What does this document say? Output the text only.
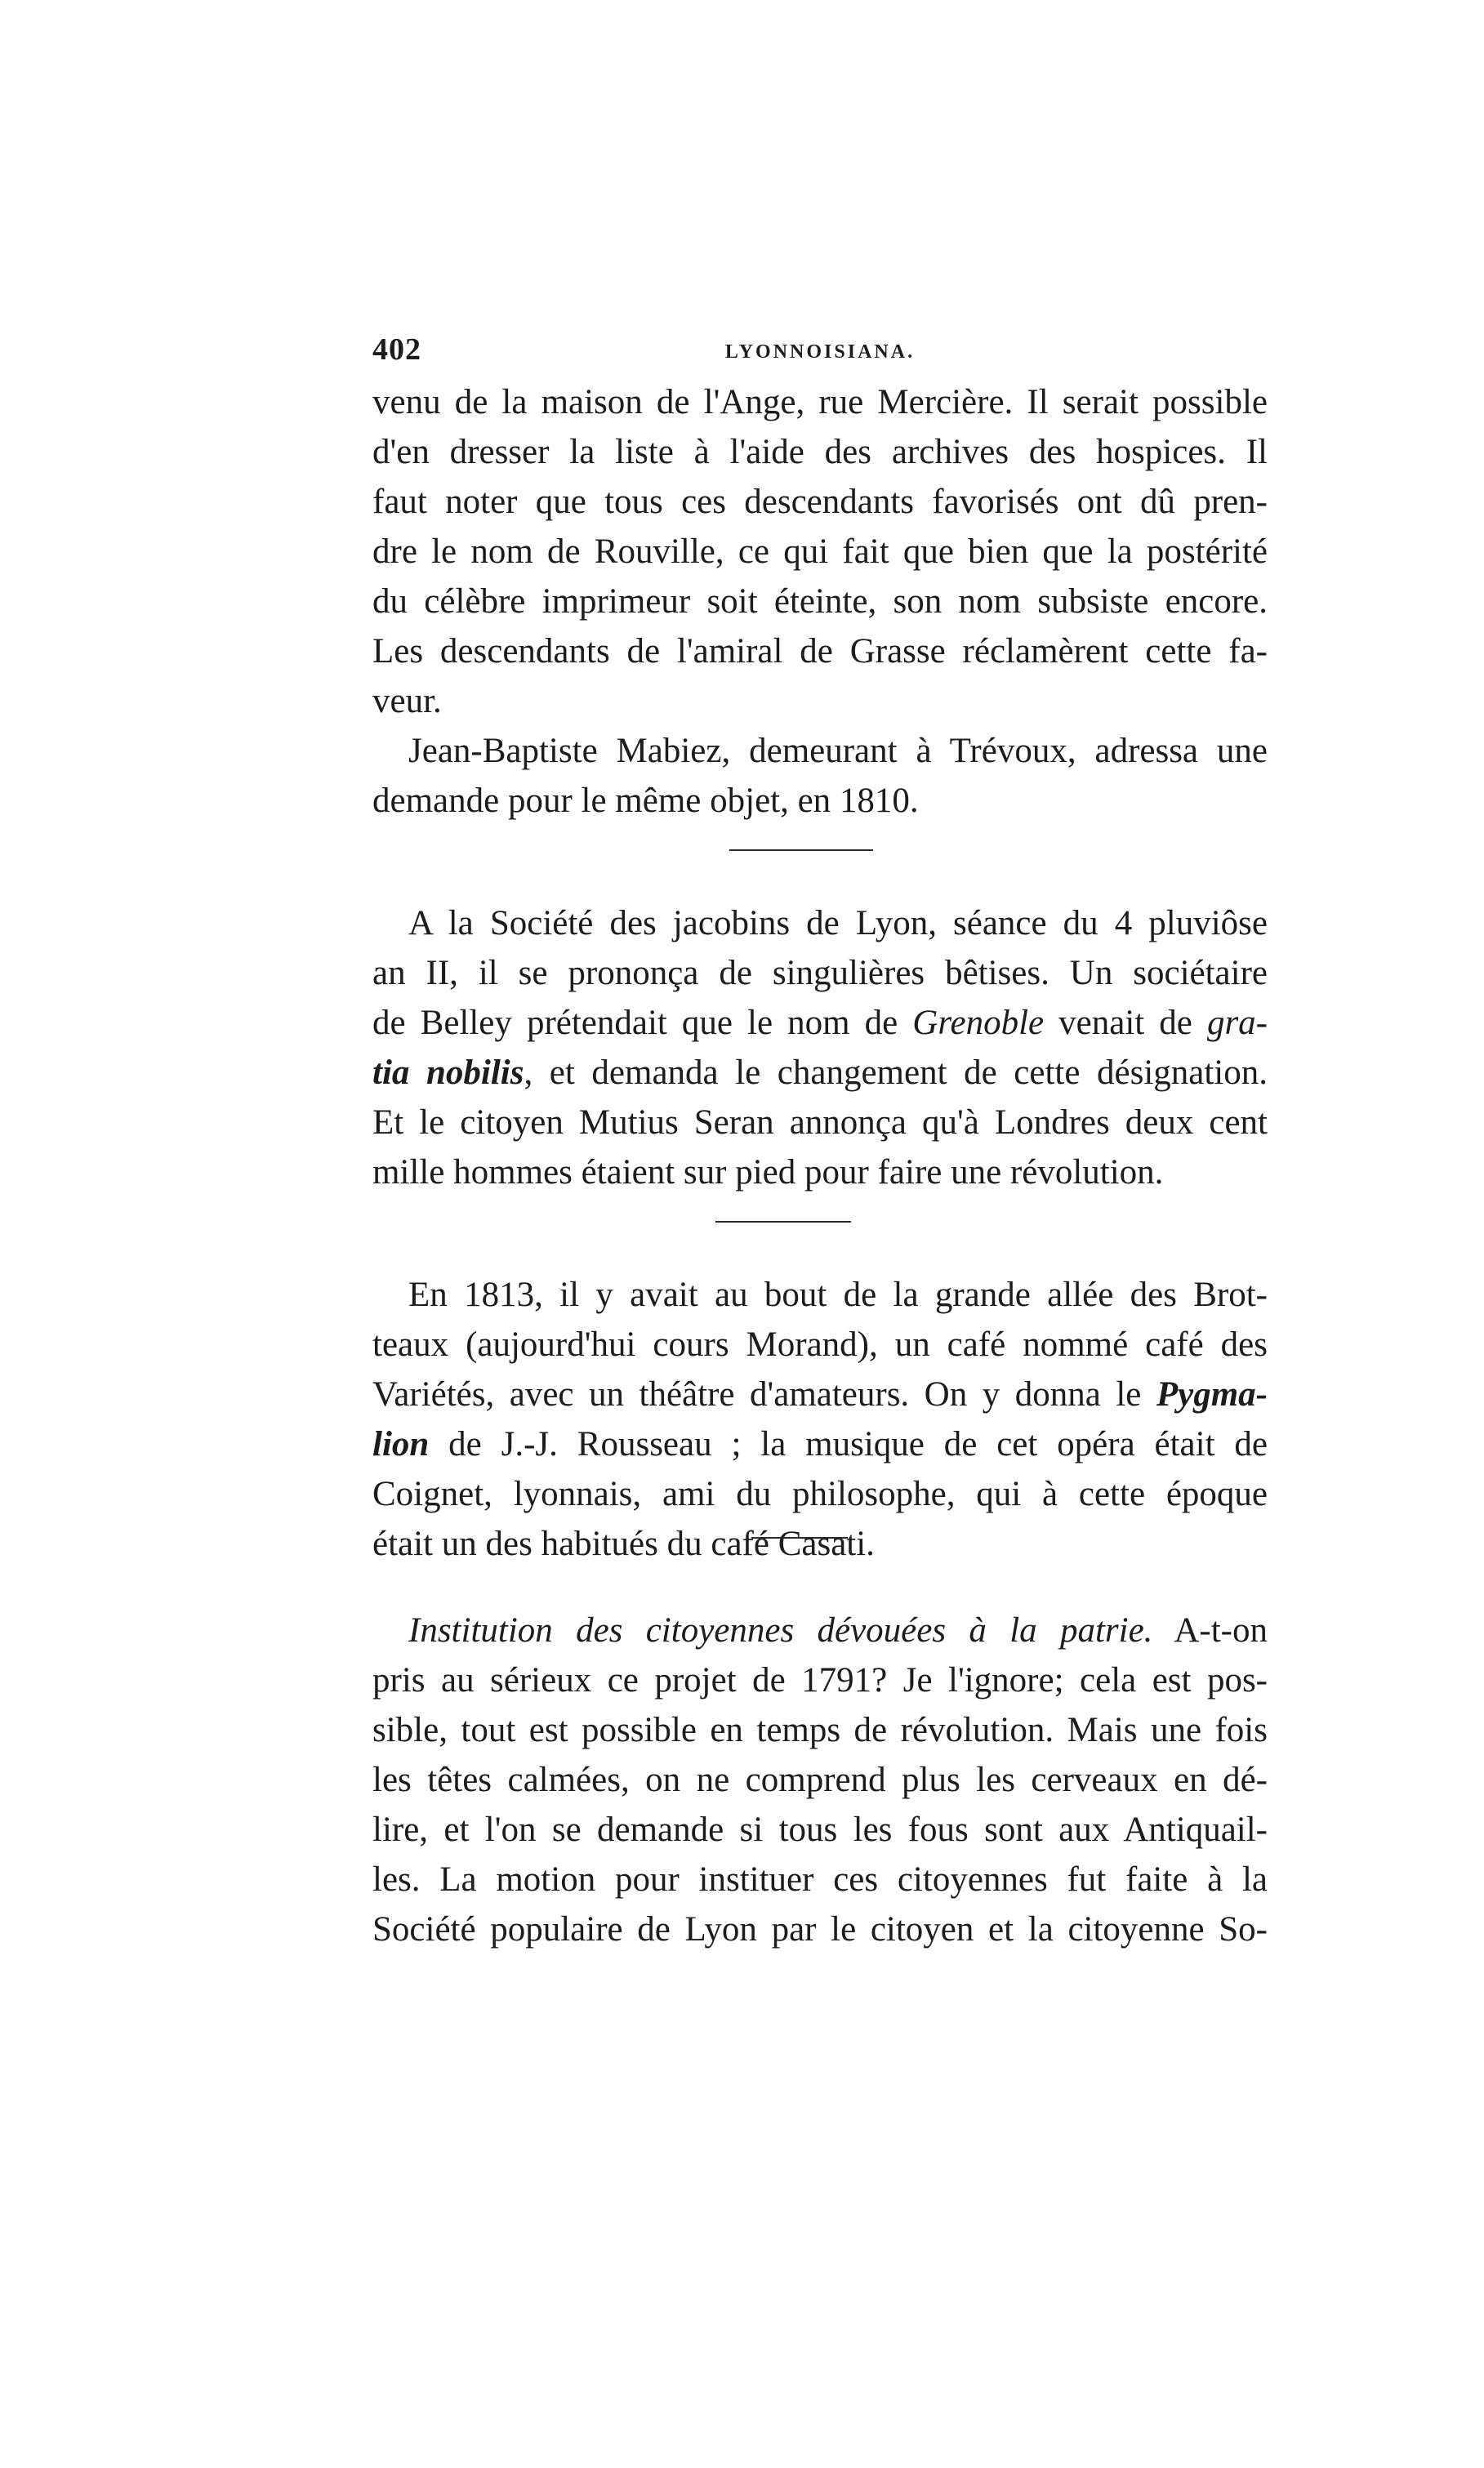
402	LYONNOISIANA.
venu de la maison de l'Ange, rue Mercière. Il serait possible
d'en dresser la liste à l'aide des archives des hospices. Il
faut noter que tous ces descendants favorisés ont dû pren-
dre le nom de Rouville, ce qui fait que bien que la postérité
du célèbre imprimeur soit éteinte, son nom subsiste encore.
Les descendants de l'amiral de Grasse réclamèrent cette fa-
veur.
Jean-Baptiste Mabiez, demeurant à Trévoux, adressa une
demande pour le même objet, en 1810.
A la Société des jacobins de Lyon, séance du 4 pluviôse
an II, il se prononça de singulières bêtises. Un sociétaire
de Belley prétendait que le nom de Grenoble venait de gra-
tia nobilis, et demanda le changement de cette désignation.
Et le citoyen Mutius Seran annonça qu'à Londres deux cent
mille hommes étaient sur pied pour faire une révolution.
En 1813, il y avait au bout de la grande allée des Brot-
teaux (aujourd'hui cours Morand), un café nommé café des
Variétés, avec un théâtre d'amateurs. On y donna le Pygma-
lion de J.-J. Rousseau ; la musique de cet opéra était de
Coignet, lyonnais, ami du philosophe, qui à cette époque
était un des habitués du café Casati.
Institution des citoyennes dévouées à la patrie. A-t-on
pris au sérieux ce projet de 1791? Je l'ignore; cela est pos-
sible, tout est possible en temps de révolution. Mais une fois
les têtes calmées, on ne comprend plus les cerveaux en dé-
lire, et l'on se demande si tous les fous sont aux Antiquail-
les. La motion pour instituer ces citoyennes fut faite à la
Société populaire de Lyon par le citoyen et la citoyenne So-
